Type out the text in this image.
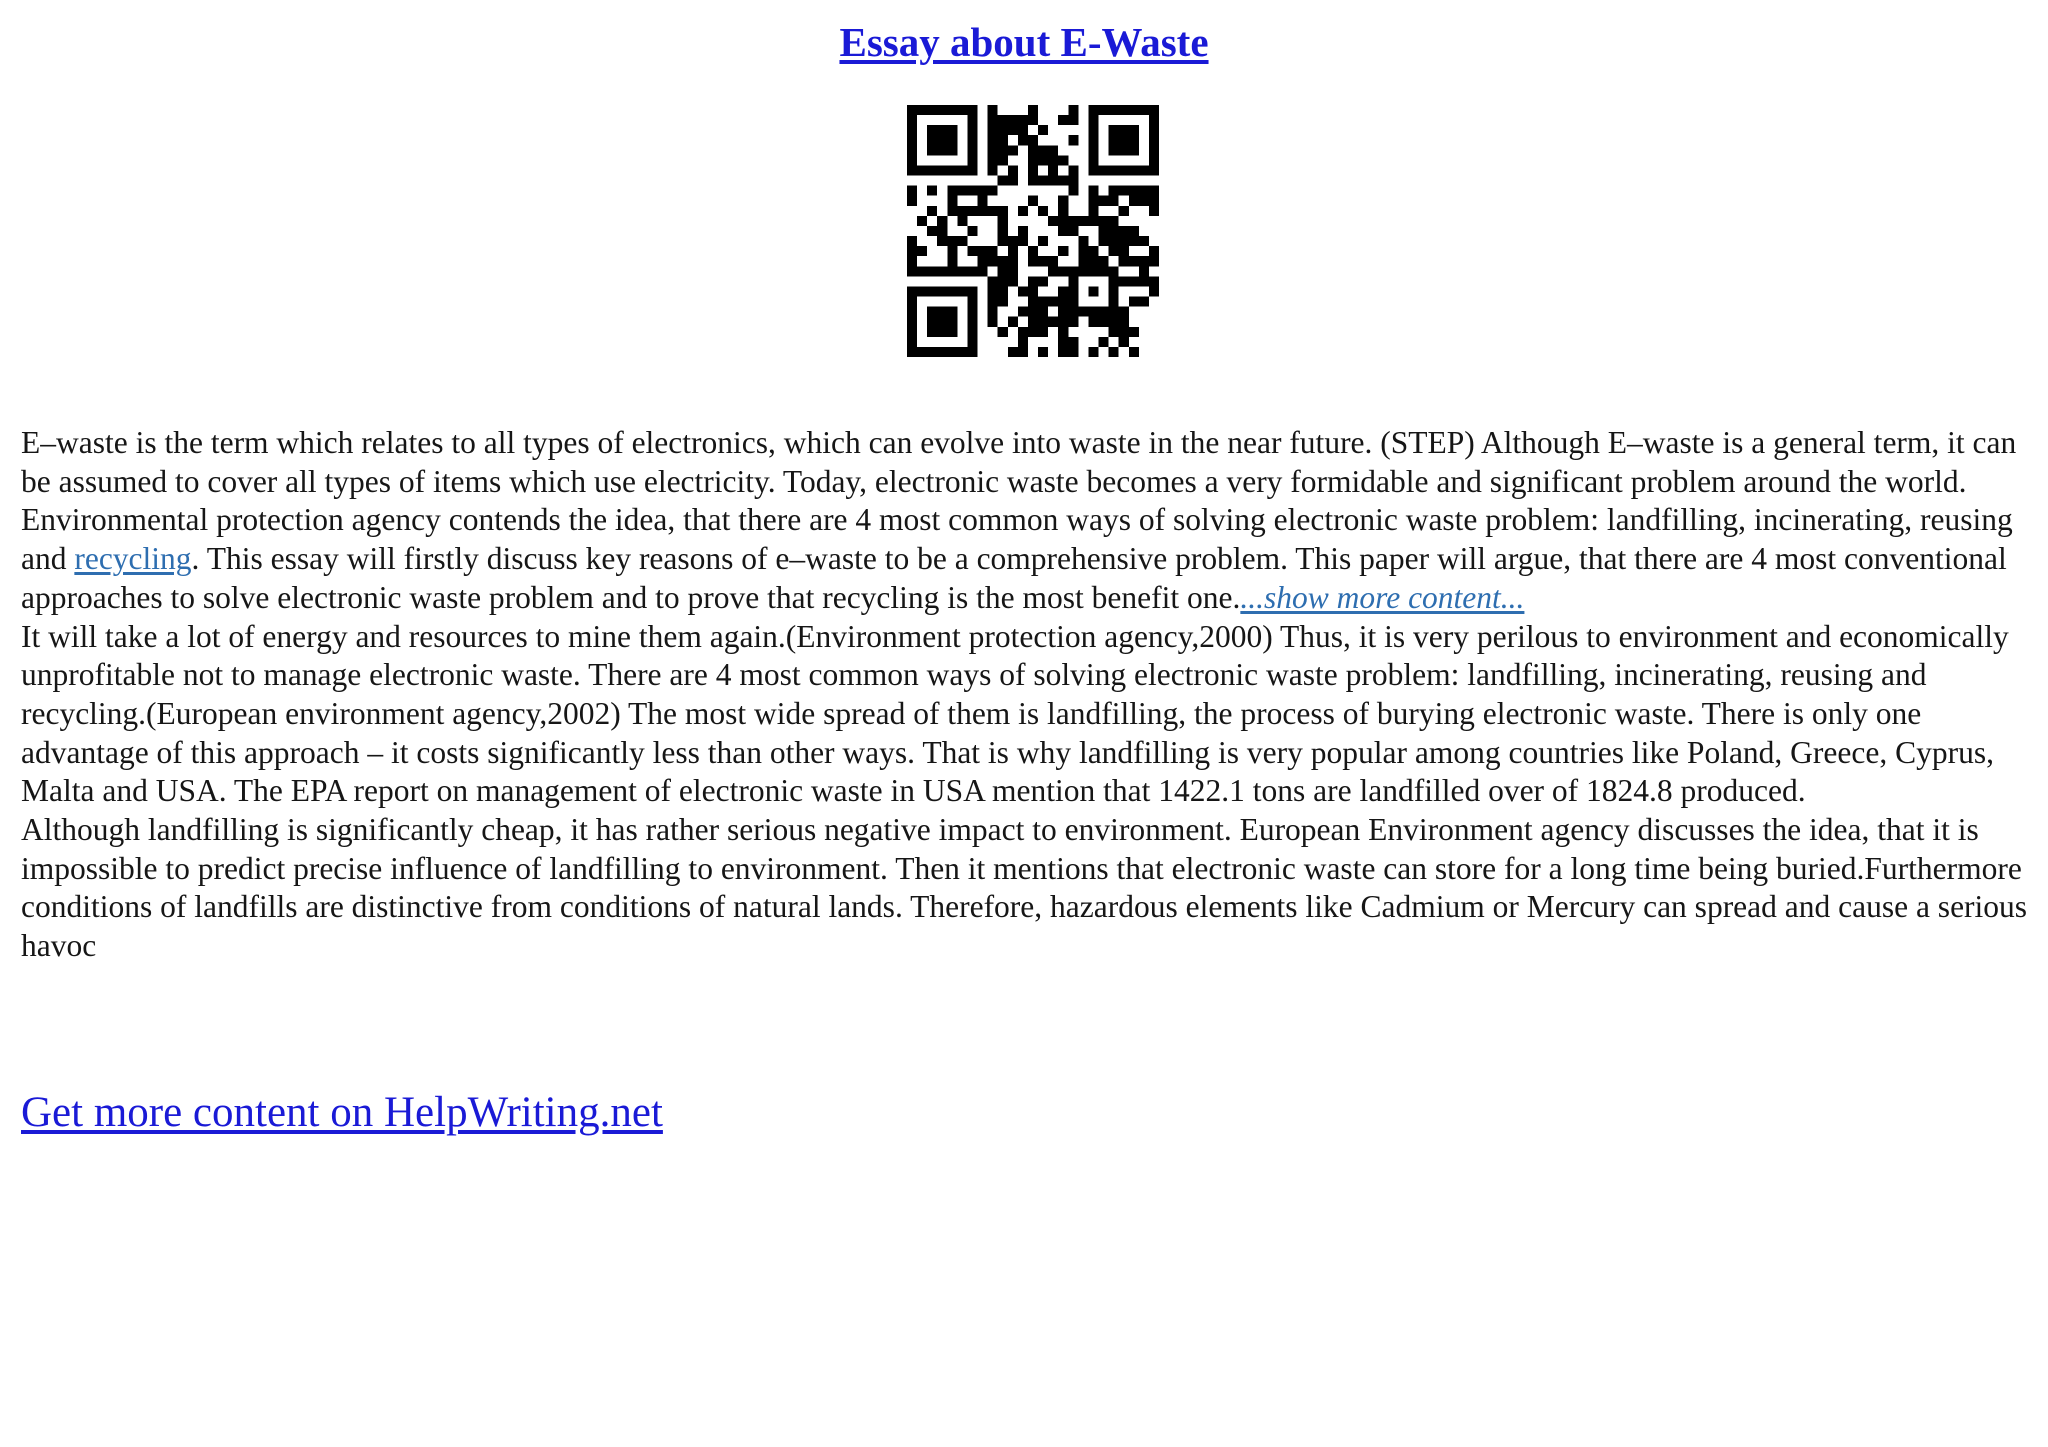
Essay about E-Waste

E–waste is the term which relates to all types of electronics, which can evolve into waste in the near future. (STEP) Although E–waste is a general term, it can be assumed to cover all types of items which use electricity. Today, electronic waste becomes a very formidable and significant problem around the world. Environmental protection agency contends the idea, that there are 4 most common ways of solving electronic waste problem: landfilling, incinerating, reusing and recycling. This essay will firstly discuss key reasons of e–waste to be a comprehensive problem. This paper will argue, that there are 4 most conventional approaches to solve electronic waste problem and to prove that recycling is the most benefit one....show more content...

It will take a lot of energy and resources to mine them again.(Environment protection agency,2000) Thus, it is very perilous to environment and economically unprofitable not to manage electronic waste. There are 4 most common ways of solving electronic waste problem: landfilling, incinerating, reusing and recycling.(European environment agency,2002) The most wide spread of them is landfilling, the process of burying electronic waste. There is only one advantage of this approach – it costs significantly less than other ways. That is why landfilling is very popular among countries like Poland, Greece, Cyprus, Malta and USA. The EPA report on management of electronic waste in USA mention that 1422.1 tons are landfilled over of 1824.8 produced.

Although landfilling is significantly cheap, it has rather serious negative impact to environment. European Environment agency discusses the idea, that it is impossible to predict precise influence of landfilling to environment. Then it mentions that electronic waste can store for a long time being buried.Furthermore conditions of landfills are distinctive from conditions of natural lands. Therefore, hazardous elements like Cadmium or Mercury can spread and cause a serious havoc

Get more content on HelpWriting.net
